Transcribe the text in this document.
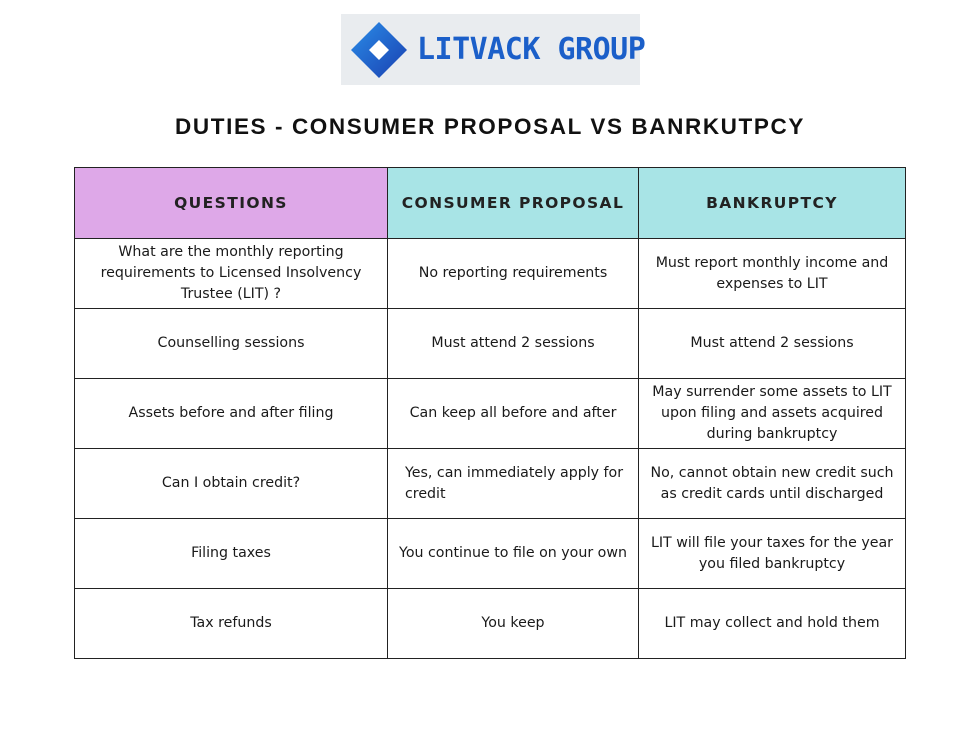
LITVACK GROUP
DUTIES - CONSUMER PROPOSAL VS BANRKUTPCY
QUESTIONS	CONSUMER PROPOSAL	BANKRUPTCY
What are the monthly reporting requirements to Licensed Insolvency Trustee (LIT) ?	No reporting requirements	Must report monthly income and expenses to LIT
Counselling sessions	Must attend 2 sessions	Must attend 2 sessions
Assets before and after filing	Can keep all before and after	May surrender some assets to LIT upon filing and assets acquired during bankruptcy
Can I obtain credit?	Yes, can immediately apply for credit	No, cannot obtain new credit such as credit cards until discharged
Filing taxes	You continue to file on your own	LIT will file your taxes for the year you filed bankruptcy
Tax refunds	You keep	LIT may collect and hold them
